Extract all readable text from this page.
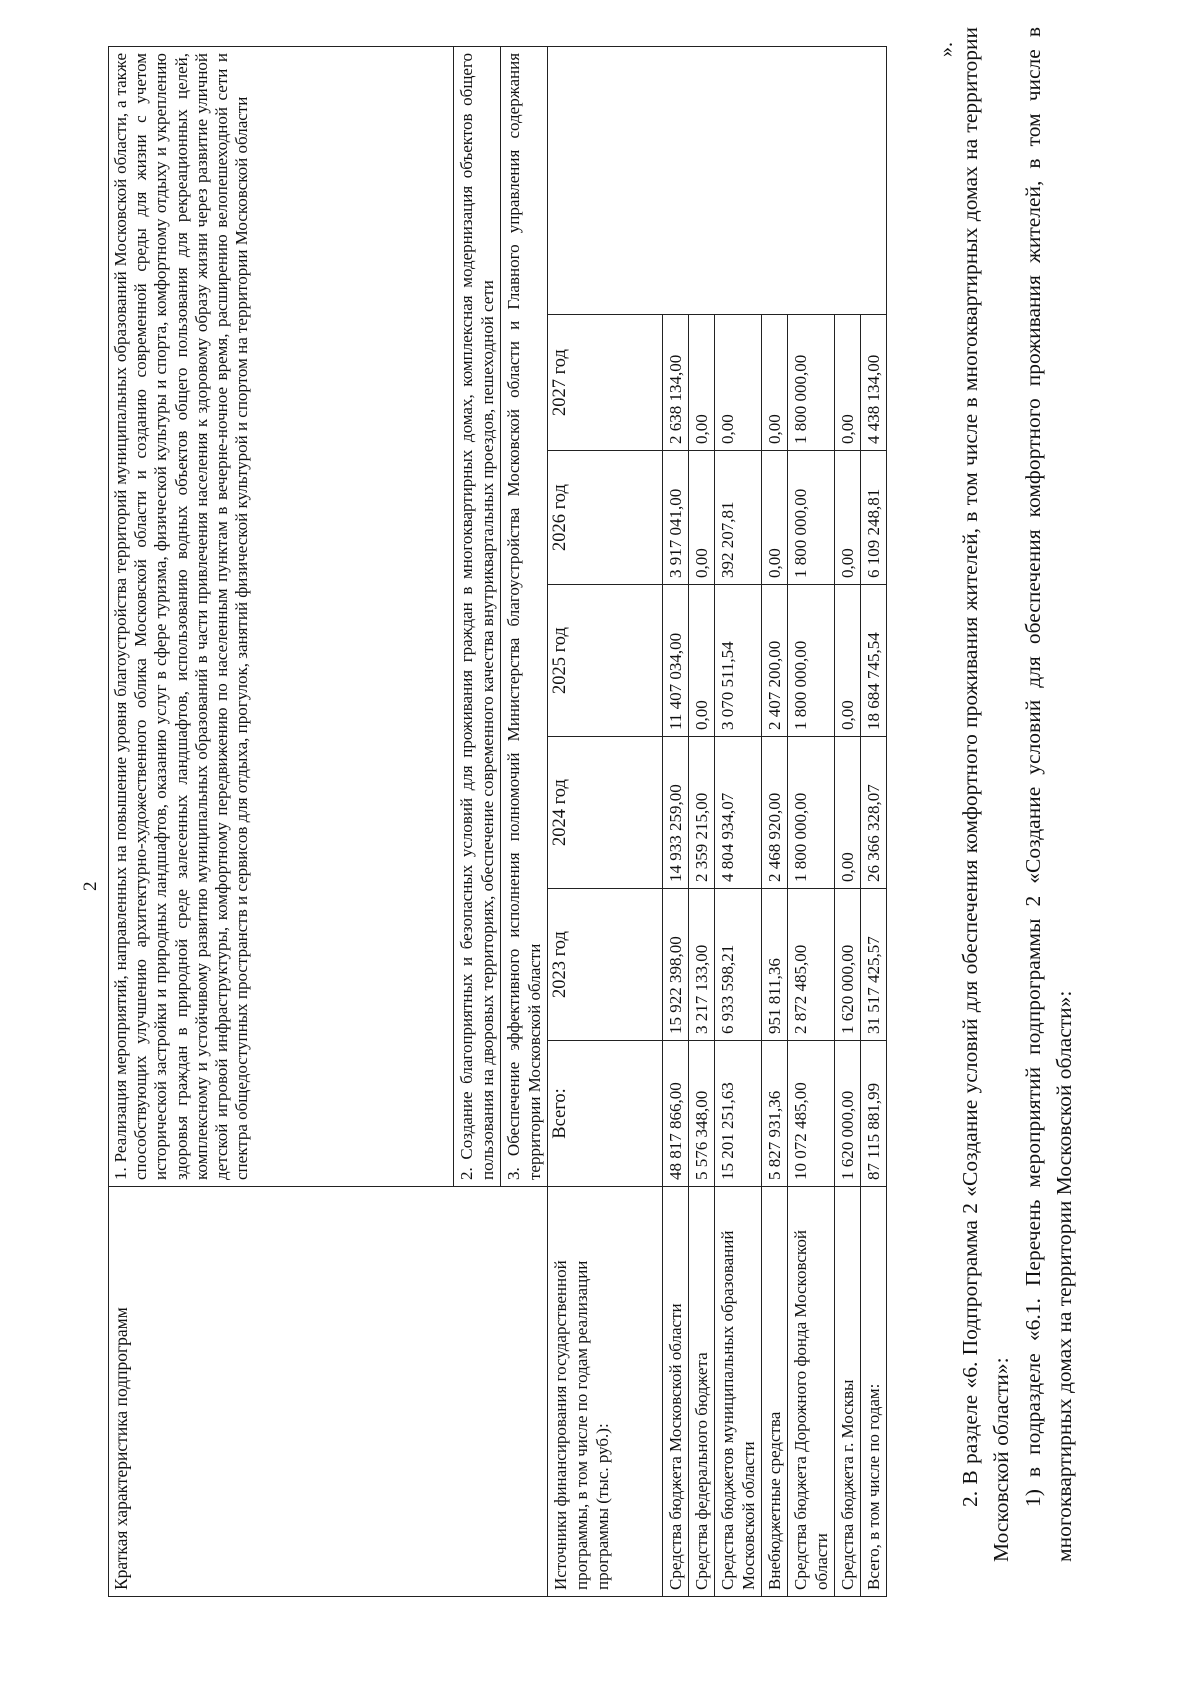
2
Краткая характеристика подпрограмм	1. Реализация мероприятий, направленных на повышение уровня благоустройства территорий муниципальных образований Московской области, а также способствующих улучшению архитектурно-художественного облика Московской области и созданию современной среды для жизни с учетом исторической застройки и природных ландшафтов, оказанию услуг в сфере туризма, физической культуры и спорта, комфортному отдыху и укреплению здоровья граждан в природной среде залесенных ландшафтов, использованию водных объектов общего пользования для рекреационных целей, комплексному и устойчивому развитию муниципальных образований в части привлечения населения к здоровому образу жизни через развитие уличной детской игровой инфраструктуры, комфортному передвижению по населенным пунктам в вечерне-ночное время, расширению велопешеходной сети и спектра общедоступных пространств и сервисов для отдыха, прогулок, занятий физической культурой и спортом на территории Московской области						
	2. Создание благоприятных и безопасных условий для проживания граждан в многоквартирных домах, комплексная модернизация объектов общего пользования на дворовых территориях, обеспечение современного качества внутриквартальных проездов, пешеходной сети						
	3. Обеспечение эффективного исполнения полномочий Министерства благоустройства Московской области и Главного управления содержания территории Московской области						
Источники финансирования государственной программы, в том числе по годам реализации программы (тыс. руб.):	Всего:	2023 год	2024 год	2025 год	2026 год	2027 год	
Средства бюджета Московской области	48 817 866,00	15 922 398,00	14 933 259,00	11 407 034,00	3 917 041,00	2 638 134,00	
Средства федерального бюджета	5 576 348,00	3 217 133,00	2 359 215,00	0,00	0,00	0,00	
Средства бюджетов муниципальных образований Московской области	15 201 251,63	6 933 598,21	4 804 934,07	3 070 511,54	392 207,81	0,00	
Внебюджетные средства	5 827 931,36	951 811,36	2 468 920,00	2 407 200,00	0,00	0,00	
Средства бюджета Дорожного фонда Московской области	10 072 485,00	2 872 485,00	1 800 000,00	1 800 000,00	1 800 000,00	1 800 000,00	
Средства бюджета г. Москвы	1 620 000,00	1 620 000,00	0,00	0,00	0,00	0,00	
Всего, в том числе по годам:	87 115 881,99	31 517 425,57	26 366 328,07	18 684 745,54	6 109 248,81	4 438 134,00	
». 2. В разделе «6. Подпрограмма 2 «Создание условий для обеспечения комфортного проживания жителей, в том числе в многоквартирных домах на территории Московской области»: 1) в подразделе «6.1. Перечень мероприятий подпрограммы 2 «Создание условий для обеспечения комфортного проживания жителей, в том числе в многоквартирных домах на территории Московской области»:
